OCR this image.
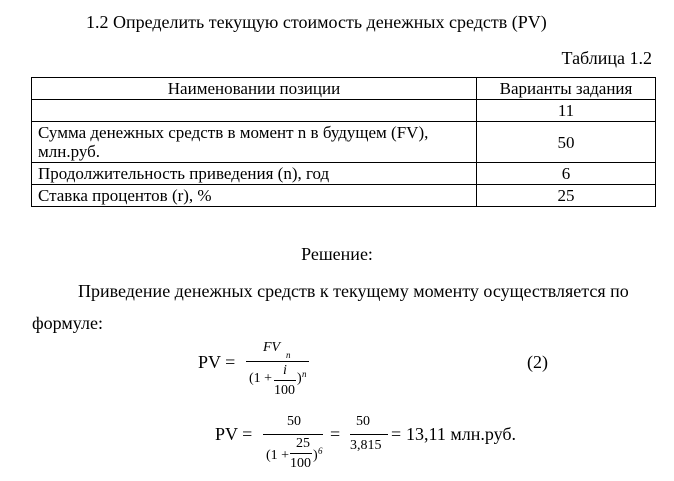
1.2 Определить текущую стоимость денежных средств (PV)
Таблица 1.2
Наименовании позиции	Варианты задания
	11
Сумма денежных средств в момент n в будущем (FV),
млн.руб.	50
Продолжительность приведения (n), год	6
Ставка процентов (r), %	25
Решение:
Приведение денежных средств к текущему моменту осуществляется по
формуле:
PV =
FV n
(1 +
i
100
) n
(2)
PV =
50
(1 +
25
100
) 6
=
50
3,815
= 13,11 млн.руб.
